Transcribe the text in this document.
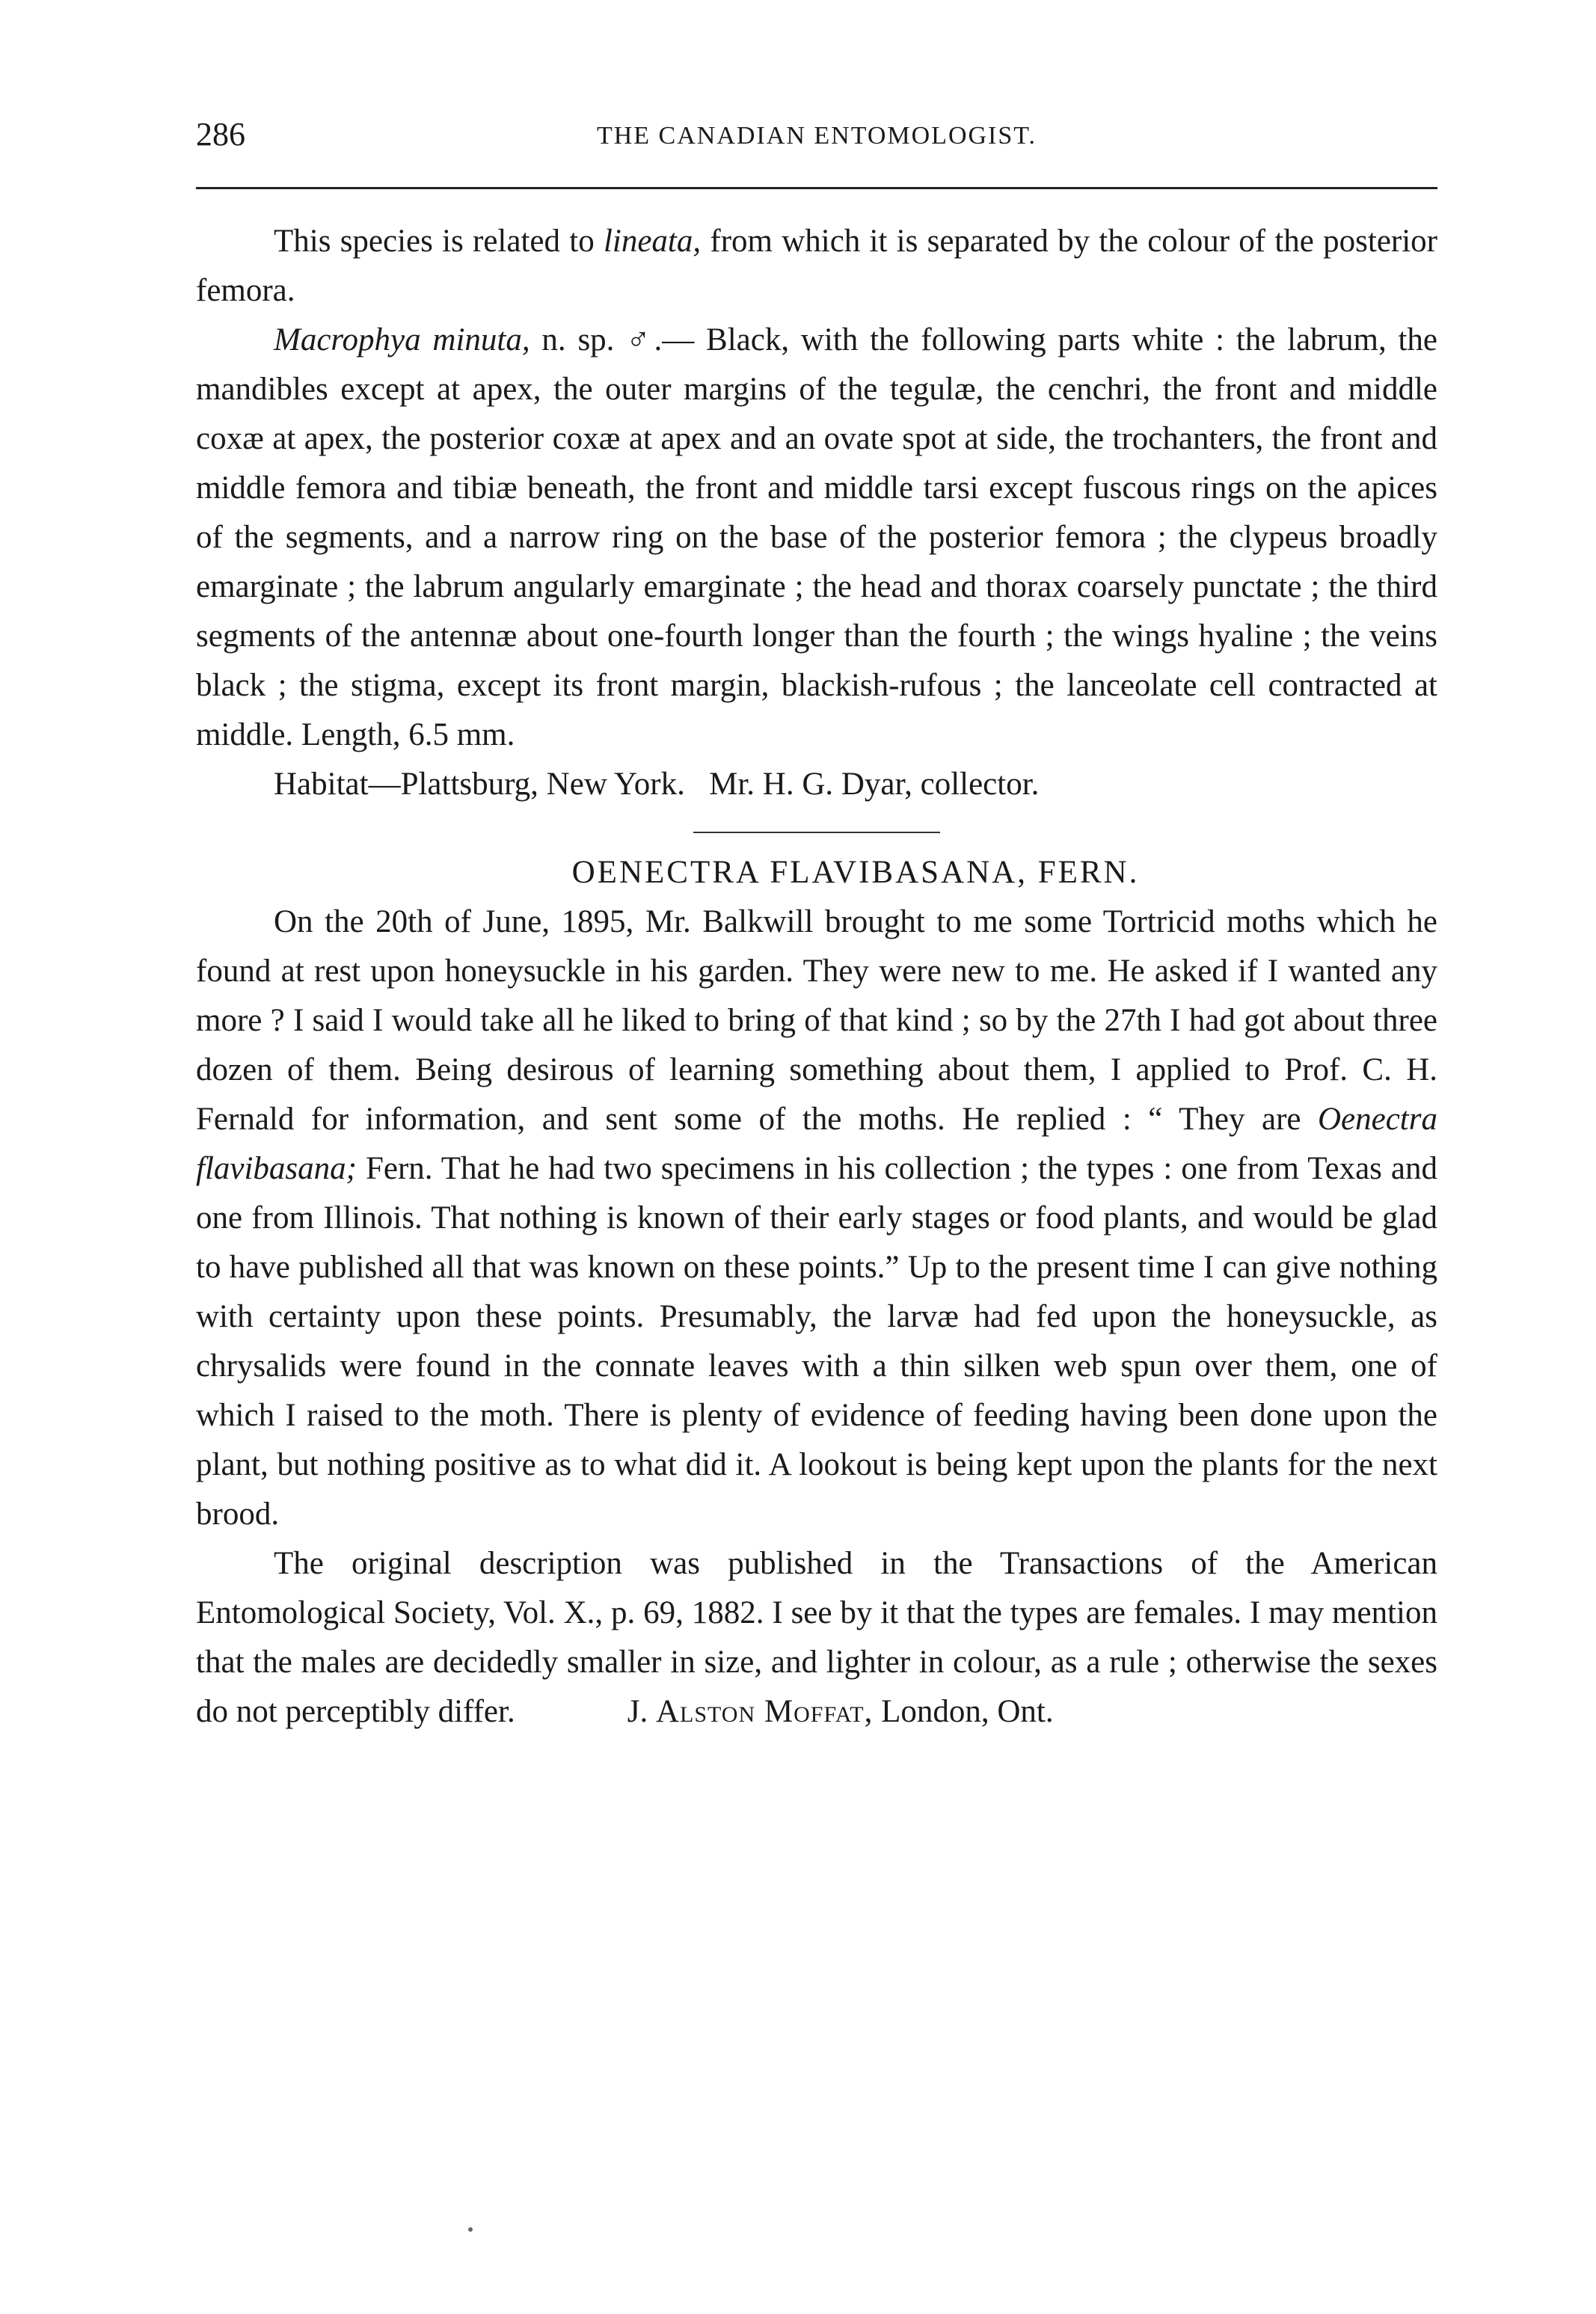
286	THE CANADIAN ENTOMOLOGIST.

This species is related to lineata, from which it is separated by the colour of the posterior femora.

Macrophya minuta, n. sp. ♂.— Black, with the following parts white : the labrum, the mandibles except at apex, the outer margins of the tegulæ, the cenchri, the front and middle coxæ at apex, the posterior coxæ at apex and an ovate spot at side, the trochanters, the front and middle femora and tibiæ beneath, the front and middle tarsi except fuscous rings on the apices of the segments, and a narrow ring on the base of the posterior femora ; the clypeus broadly emarginate ; the labrum angularly emarginate ; the head and thorax coarsely punctate ; the third segments of the antennæ about one-fourth longer than the fourth ; the wings hyaline ; the veins black ; the stigma, except its front margin, blackish-rufous ; the lanceolate cell contracted at middle. Length, 6.5 mm.

Habitat—Plattsburg, New York.   Mr. H. G. Dyar, collector.

OENECTRA FLAVIBASANA, FERN.

On the 20th of June, 1895, Mr. Balkwill brought to me some Tortricid moths which he found at rest upon honeysuckle in his garden. They were new to me. He asked if I wanted any more ? I said I would take all he liked to bring of that kind ; so by the 27th I had got about three dozen of them. Being desirous of learning something about them, I applied to Prof. C. H. Fernald for information, and sent some of the moths. He replied : “ They are Oenectra flavibasana; Fern. That he had two specimens in his collection ; the types : one from Texas and one from Illinois. That nothing is known of their early stages or food plants, and would be glad to have published all that was known on these points.” Up to the present time I can give nothing with certainty upon these points. Presumably, the larvæ had fed upon the honeysuckle, as chrysalids were found in the connate leaves with a thin silken web spun over them, one of which I raised to the moth. There is plenty of evidence of feeding having been done upon the plant, but nothing positive as to what did it. A lookout is being kept upon the plants for the next brood.

The original description was published in the Transactions of the American Entomological Society, Vol. X., p. 69, 1882. I see by it that the types are females. I may mention that the males are decidedly smaller in size, and lighter in colour, as a rule ; otherwise the sexes do not perceptibly differ.	J. Alston Moffat, London, Ont.
